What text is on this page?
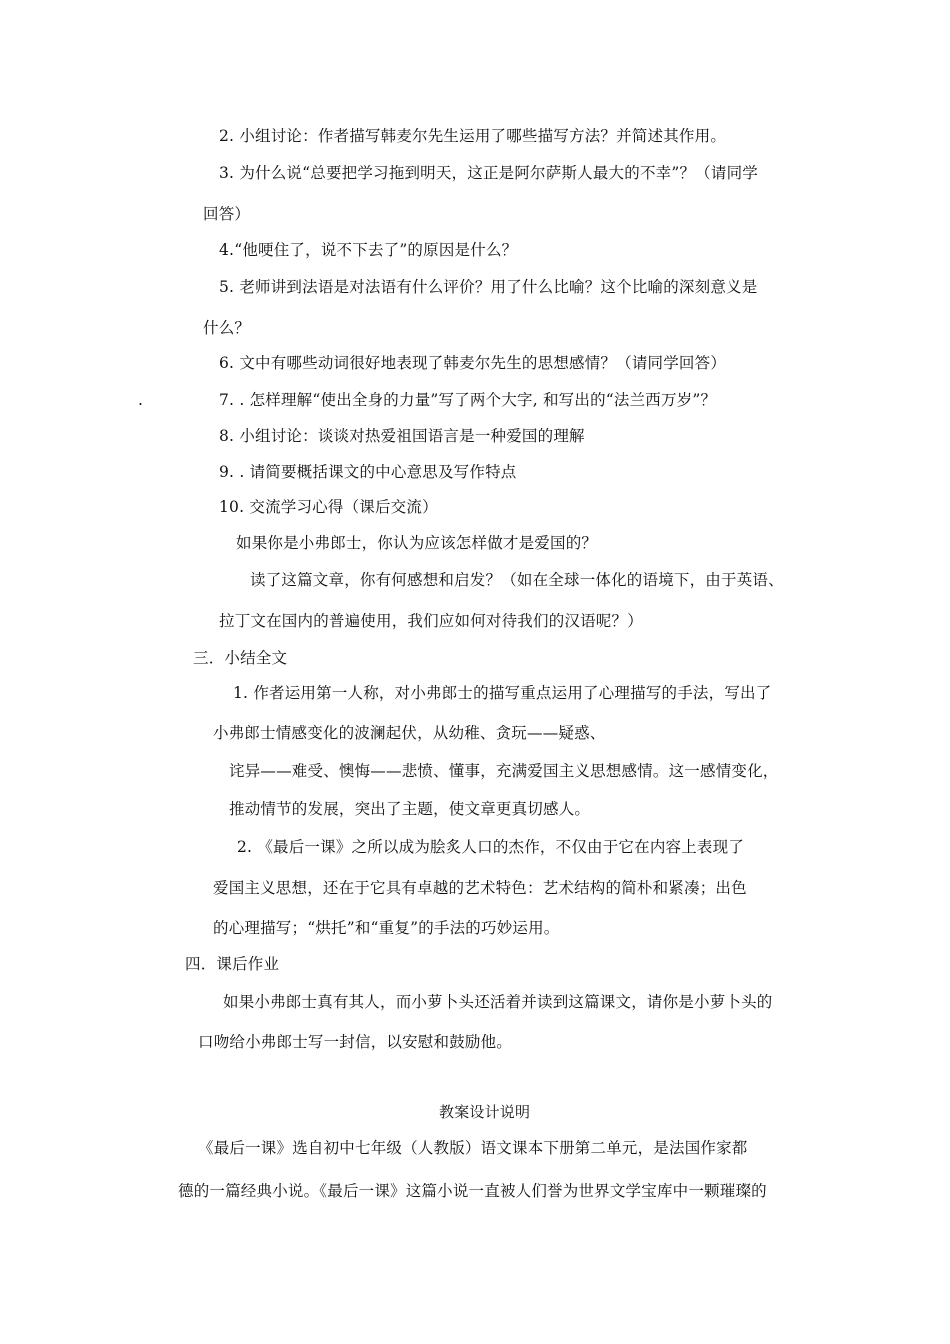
2. 小组讨论：作者描写韩麦尔先生运用了哪些描写方法？并简述其作用。
3. 为什么说“总要把学习拖到明天，这正是阿尔萨斯人最大的不幸”？（请同学
回答）
4.“他哽住了，说不下去了”的原因是什么？
5. 老师讲到法语是对法语有什么评价？用了什么比喻？这个比喻的深刻意义是
什么？
6. 文中有哪些动词很好地表现了韩麦尔先生的思想感情？（请同学回答）
.	7. . 怎样理解“使出全身的力量”写了两个大字, 和写出的“法兰西万岁”？
8. 小组讨论：谈谈对热爱祖国语言是一种爱国的理解
9. . 请简要概括课文的中心意思及写作特点
10. 交流学习心得（课后交流）
如果你是小弗郎士，你认为应该怎样做才是爱国的？
读了这篇文章，你有何感想和启发？（如在全球一体化的语境下，由于英语、
拉丁文在国内的普遍使用，我们应如何对待我们的汉语呢？）
三．小结全文
1. 作者运用第一人称，对小弗郎士的描写重点运用了心理描写的手法，写出了
小弗郎士情感变化的波澜起伏，从幼稚、贪玩——疑惑、
诧异——难受、懊悔——悲愤、懂事，充满爱国主义思想感情。这一感情变化，
推动情节的发展，突出了主题，使文章更真切感人。
2. 《最后一课》之所以成为脍炙人口的杰作，不仅由于它在内容上表现了
爱国主义思想，还在于它具有卓越的艺术特色：艺术结构的简朴和紧凑；出色
的心理描写；“烘托”和“重复”的手法的巧妙运用。
四．课后作业
如果小弗郎士真有其人，而小萝卜头还活着并读到这篇课文，请你是小萝卜头的
口吻给小弗郎士写一封信，以安慰和鼓励他。
教案设计说明
《最后一课》选自初中七年级（人教版）语文课本下册第二单元，是法国作家都
德的一篇经典小说。《最后一课》这篇小说一直被人们誉为世界文学宝库中一颗璀璨的
